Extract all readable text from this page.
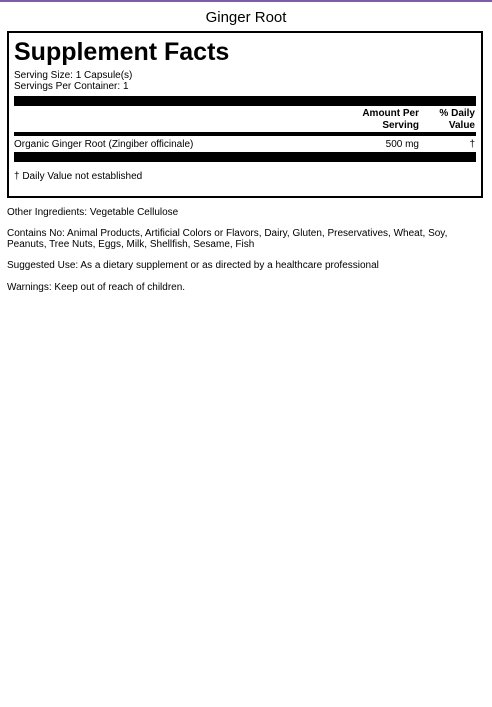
Ginger Root
Supplement Facts
Serving Size: 1 Capsule(s)
Servings Per Container: 1
Amount Per
Serving
% Daily
Value
Organic Ginger Root (Zingiber officinale)	500 mg	†
† Daily Value not established
Other Ingredients: Vegetable Cellulose
Contains No: Animal Products, Artificial Colors or Flavors, Dairy, Gluten, Preservatives, Wheat, Soy, Peanuts, Tree Nuts, Eggs, Milk, Shellfish, Sesame, Fish
Suggested Use: As a dietary supplement or as directed by a healthcare professional
Warnings: Keep out of reach of children.
